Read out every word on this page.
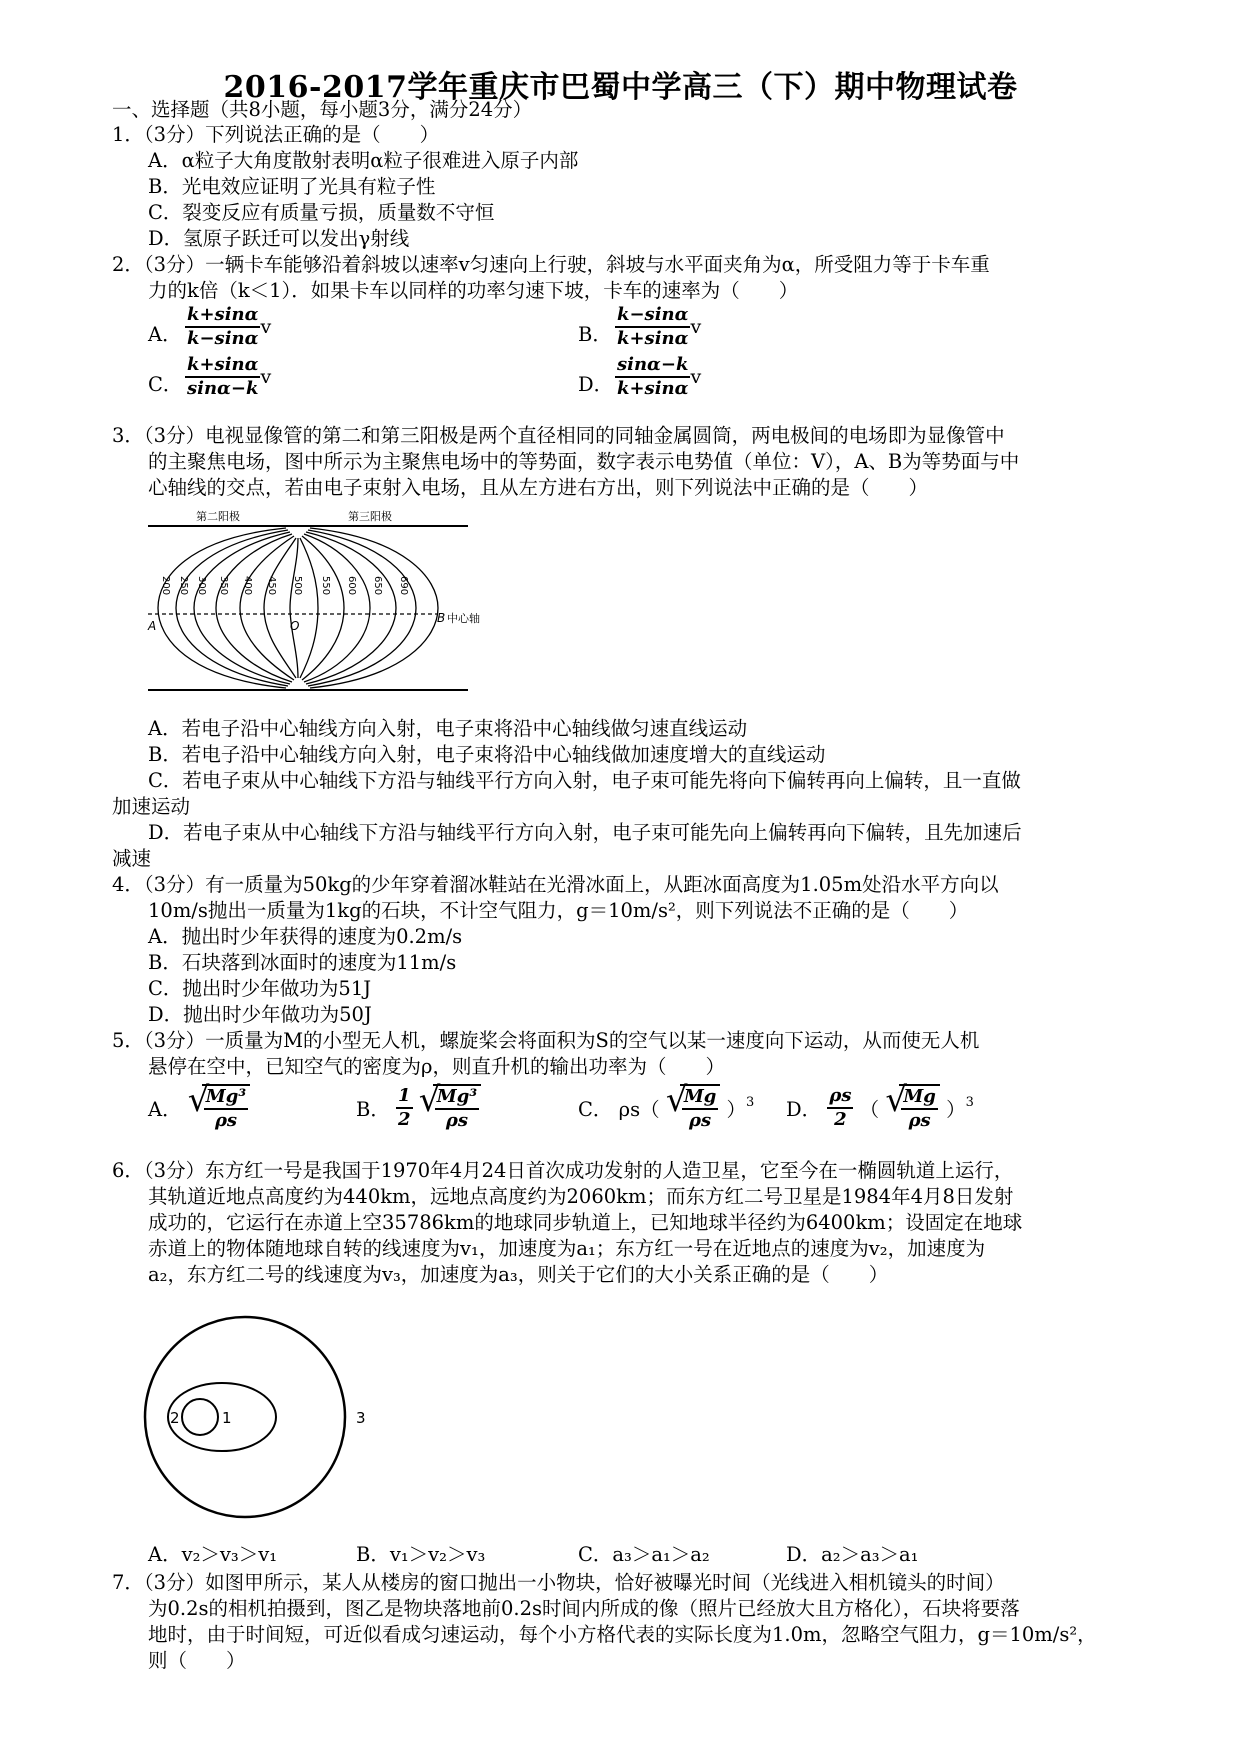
2016-2017学年重庆市巴蜀中学高三（下）期中物理试卷
一、选择题（共8小题，每小题3分，满分24分）
1．（3分）下列说法正确的是（　　）
A．α粒子大角度散射表明α粒子很难进入原子内部
B．光电效应证明了光具有粒子性
C．裂变反应有质量亏损，质量数不守恒
D．氢原子跃迁可以发出γ射线
2．（3分）一辆卡车能够沿着斜坡以速率v匀速向上行驶，斜坡与水平面夹角为α，所受阻力等于卡车重
力的k倍（k＜1）．如果卡车以同样的功率匀速下坡，卡车的速率为（　　）
A． $\frac{k+\sin\alpha}{k-\sin\alpha}$ v	B． $\frac{k-\sin\alpha}{k+\sin\alpha}$ v
C． $\frac{k+\sin\alpha}{\sin\alpha-k}$ v	D． $\frac{\sin\alpha-k}{k+\sin\alpha}$ v
3．（3分）电视显像管的第二和第三阳极是两个直径相同的同轴金属圆筒，两电极间的电场即为显像管中
的主聚焦电场，图中所示为主聚焦电场中的等势面，数字表示电势值（单位：V），A、B为等势面与中
心轴线的交点，若由电子束射入电场，且从左方进右方出，则下列说法中正确的是（　　）
第二阳极	第三阳极
200 250 300 350 400 450 500 550 600 650 690
A	O
B 中心轴
A．若电子沿中心轴线方向入射，电子束将沿中心轴线做匀速直线运动
B．若电子沿中心轴线方向入射，电子束将沿中心轴线做加速度增大的直线运动
C．若电子束从中心轴线下方沿与轴线平行方向入射，电子束可能先将向下偏转再向上偏转，且一直做
加速运动
D．若电子束从中心轴线下方沿与轴线平行方向入射，电子束可能先向上偏转再向下偏转，且先加速后
减速
4．（3分）有一质量为50kg的少年穿着溜冰鞋站在光滑冰面上，从距冰面高度为1.05m处沿水平方向以
10m/s抛出一质量为1kg的石块，不计空气阻力，g＝10m/s²，则下列说法不正确的是（　　）
A．抛出时少年获得的速度为0.2m/s
B．石块落到冰面时的速度为11m/s
C．抛出时少年做功为51J
D．抛出时少年做功为50J
5．（3分）一质量为M的小型无人机，螺旋桨会将面积为S的空气以某一速度向下运动，从而使无人机
悬停在空中，已知空气的密度为ρ，则直升机的输出功率为（　　）
A． √
$\frac{\text{Mg³}}{\rho s}$	B． $\frac{1}{2}$
√
$\frac{\text{Mg³}}{\rho s}$	C． ρs（ √
$\frac{Mg}{\rho s} )^3$ D． $\frac{\rho s}{2}$ （ √
$\frac{Mg}{\rho s} )^3$
6．（3分）东方红一号是我国于1970年4月24日首次成功发射的人造卫星，它至今在一椭圆轨道上运行，
其轨道近地点高度约为440km，远地点高度约为2060km；而东方红二号卫星是1984年4月8日发射
成功的，它运行在赤道上空35786km的地球同步轨道上，已知地球半径约为6400km；设固定在地球
赤道上的物体随地球自转的线速度为v₁，加速度为a₁；东方红一号在近地点的速度为v₂，加速度为
a₂，东方红二号的线速度为v₃，加速度为a₃，则关于它们的大小关系正确的是（　　）
2	1	3
A．v₂＞v₃＞v₁	B．v₁＞v₂＞v₃	C．a₃＞a₁＞a₂	D．a₂＞a₃＞a₁
7．（3分）如图甲所示，某人从楼房的窗口抛出一小物块，恰好被曝光时间（光线进入相机镜头的时间）
为0.2s的相机拍摄到，图乙是物块落地前0.2s时间内所成的像（照片已经放大且方格化），石块将要落
地时，由于时间短，可近似看成匀速运动，每个小方格代表的实际长度为1.0m，忽略空气阻力，g＝10m/s²，
则（　　）
